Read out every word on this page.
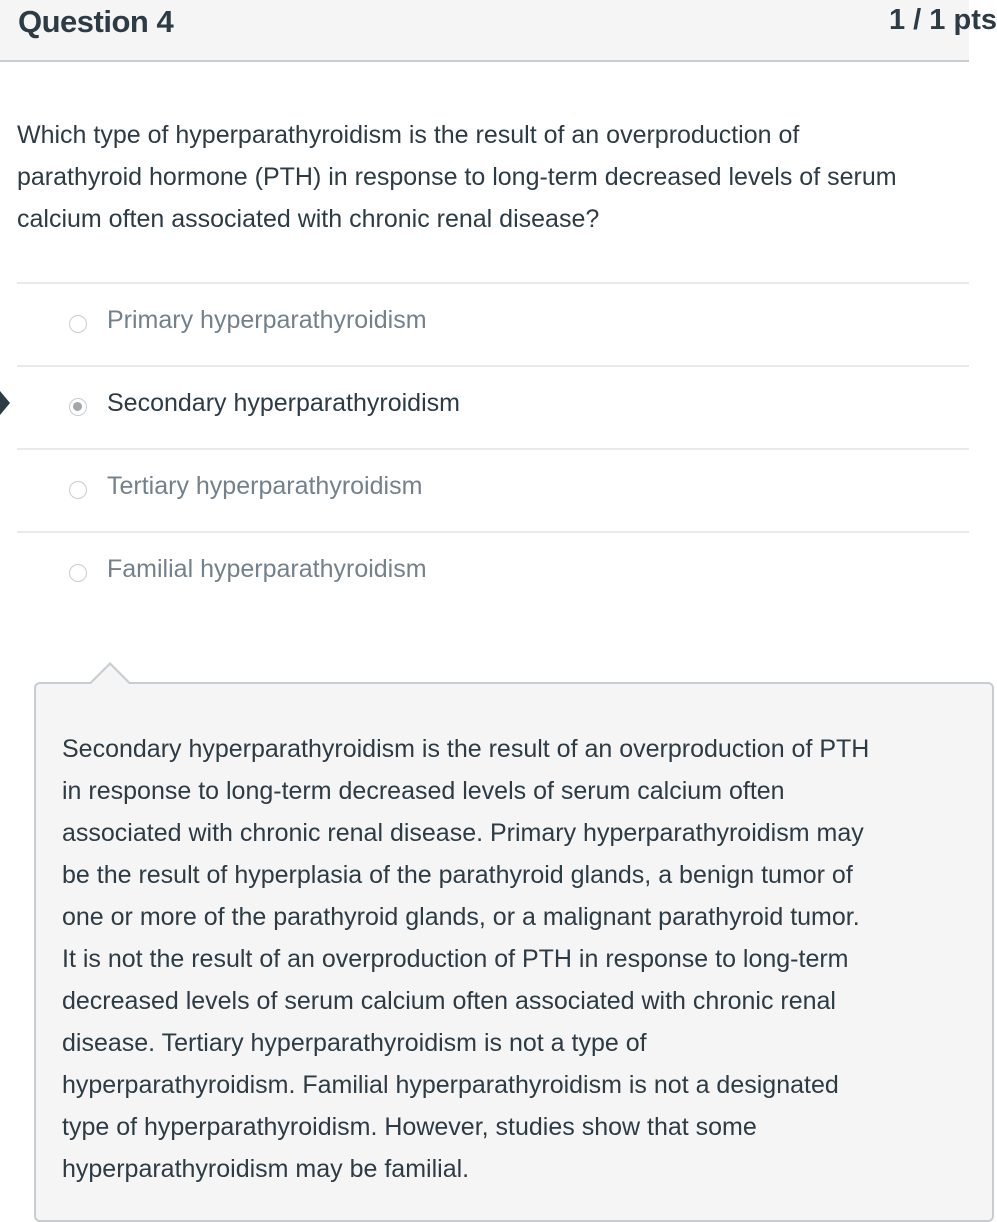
Question 4	1 / 1 pts
Which type of hyperparathyroidism is the result of an overproduction of
parathyroid hormone (PTH) in response to long-term decreased levels of serum
calcium often associated with chronic renal disease?
Primary hyperparathyroidism
Secondary hyperparathyroidism
Tertiary hyperparathyroidism
Familial hyperparathyroidism
Secondary hyperparathyroidism is the result of an overproduction of PTH
in response to long-term decreased levels of serum calcium often
associated with chronic renal disease. Primary hyperparathyroidism may
be the result of hyperplasia of the parathyroid glands, a benign tumor of
one or more of the parathyroid glands, or a malignant parathyroid tumor.
It is not the result of an overproduction of PTH in response to long-term
decreased levels of serum calcium often associated with chronic renal
disease. Tertiary hyperparathyroidism is not a type of
hyperparathyroidism. Familial hyperparathyroidism is not a designated
type of hyperparathyroidism. However, studies show that some
hyperparathyroidism may be familial.
